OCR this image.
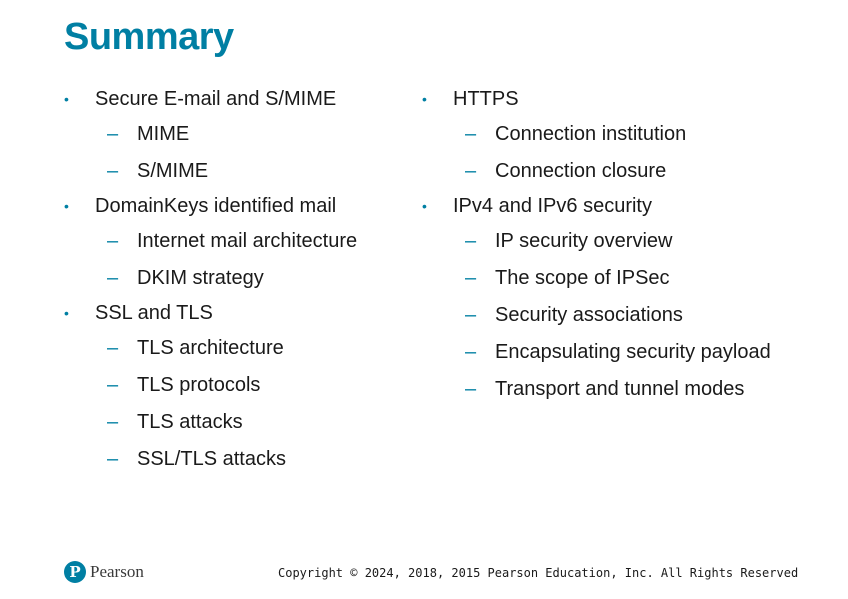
Summary
• Secure E-mail and S/MIME
– MIME
– S/MIME
• DomainKeys identified mail
– Internet mail architecture
– DKIM strategy
• SSL and TLS
– TLS architecture
– TLS protocols
– TLS attacks
– SSL/TLS attacks
• HTTPS
– Connection institution
– Connection closure
• IPv4 and IPv6 security
– IP security overview
– The scope of IPSec
– Security associations
– Encapsulating security payload
– Transport and tunnel modes
P Pearson	Copyright © 2024, 2018, 2015 Pearson Education, Inc. All Rights Reserved
